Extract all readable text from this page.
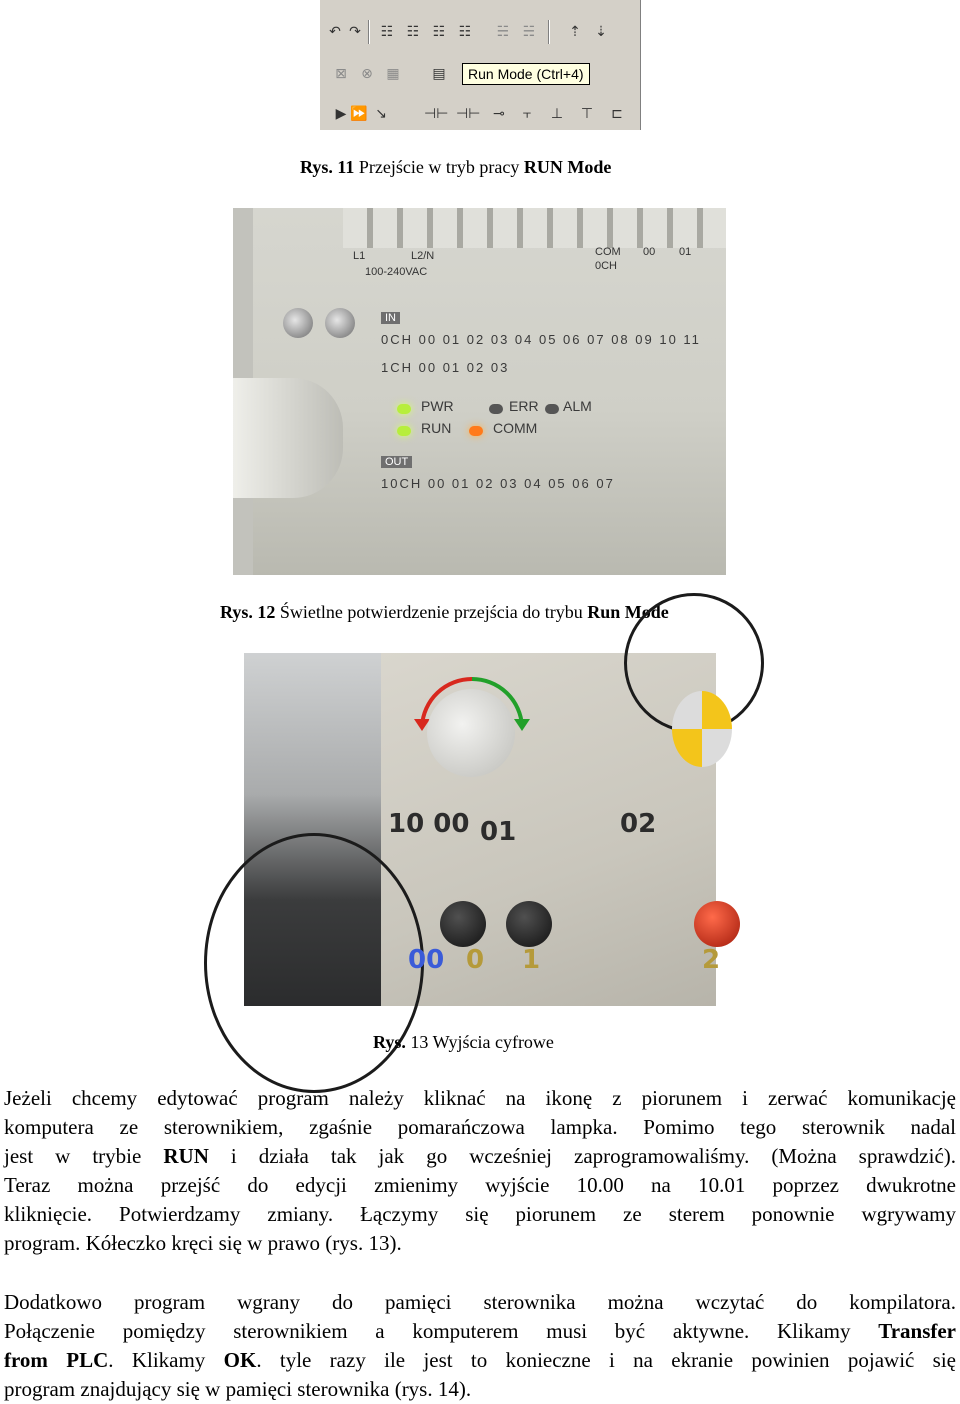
↶ ↷	☷ ☷ ☷ ☷	☵ ☵	⇡	⇣
⊠	⊗ ▦	▤	Run Mode (Ctrl+4)
▶ ⏩ ↘	⊣⊢ ⊣⊢ ⊸	⫟	⊥	⊤	⊏
Rys. 11 Przejście w tryb pracy RUN Mode
L1	L2/N
100-240VAC
COM
0CH
00 01
IN
0CH 00 01 02 03 04 05 06 07 08 09 10 11
1CH 00 01 02 03
PWR	ERR ALM
RUN	COMM
OUT
10CH 00 01 02 03 04 05 06 07
Rys. 12 Świetlne potwierdzenie przejścia do trybu Run Mode
10 00 01	02
00 0 1	2
Rys. 13 Wyjścia cyfrowe
Jeżeli chcemy edytować program należy kliknać na ikonę z piorunem i zerwać komunikację
komputera ze sterownikiem, zgaśnie pomarańczowa lampka. Pomimo tego sterownik nadal
jest w trybie RUN i działa tak jak go wcześniej zaprogramowaliśmy. (Można sprawdzić).
Teraz można przejść do edycji zmienimy wyjście 10.00 na 10.01 poprzez dwukrotne
kliknięcie. Potwierdzamy zmiany. Łączymy się piorunem ze sterem ponownie wgrywamy
program. Kółeczko kręci się w prawo (rys. 13).
Dodatkowo program wgrany do pamięci sterownika można wczytać do kompilatora.
Połączenie pomiędzy sterownikiem a komputerem musi być aktywne. Klikamy Transfer
from PLC. Klikamy OK. tyle razy ile jest to konieczne i na ekranie powinien pojawić się
program znajdujący się w pamięci sterownika (rys. 14).
